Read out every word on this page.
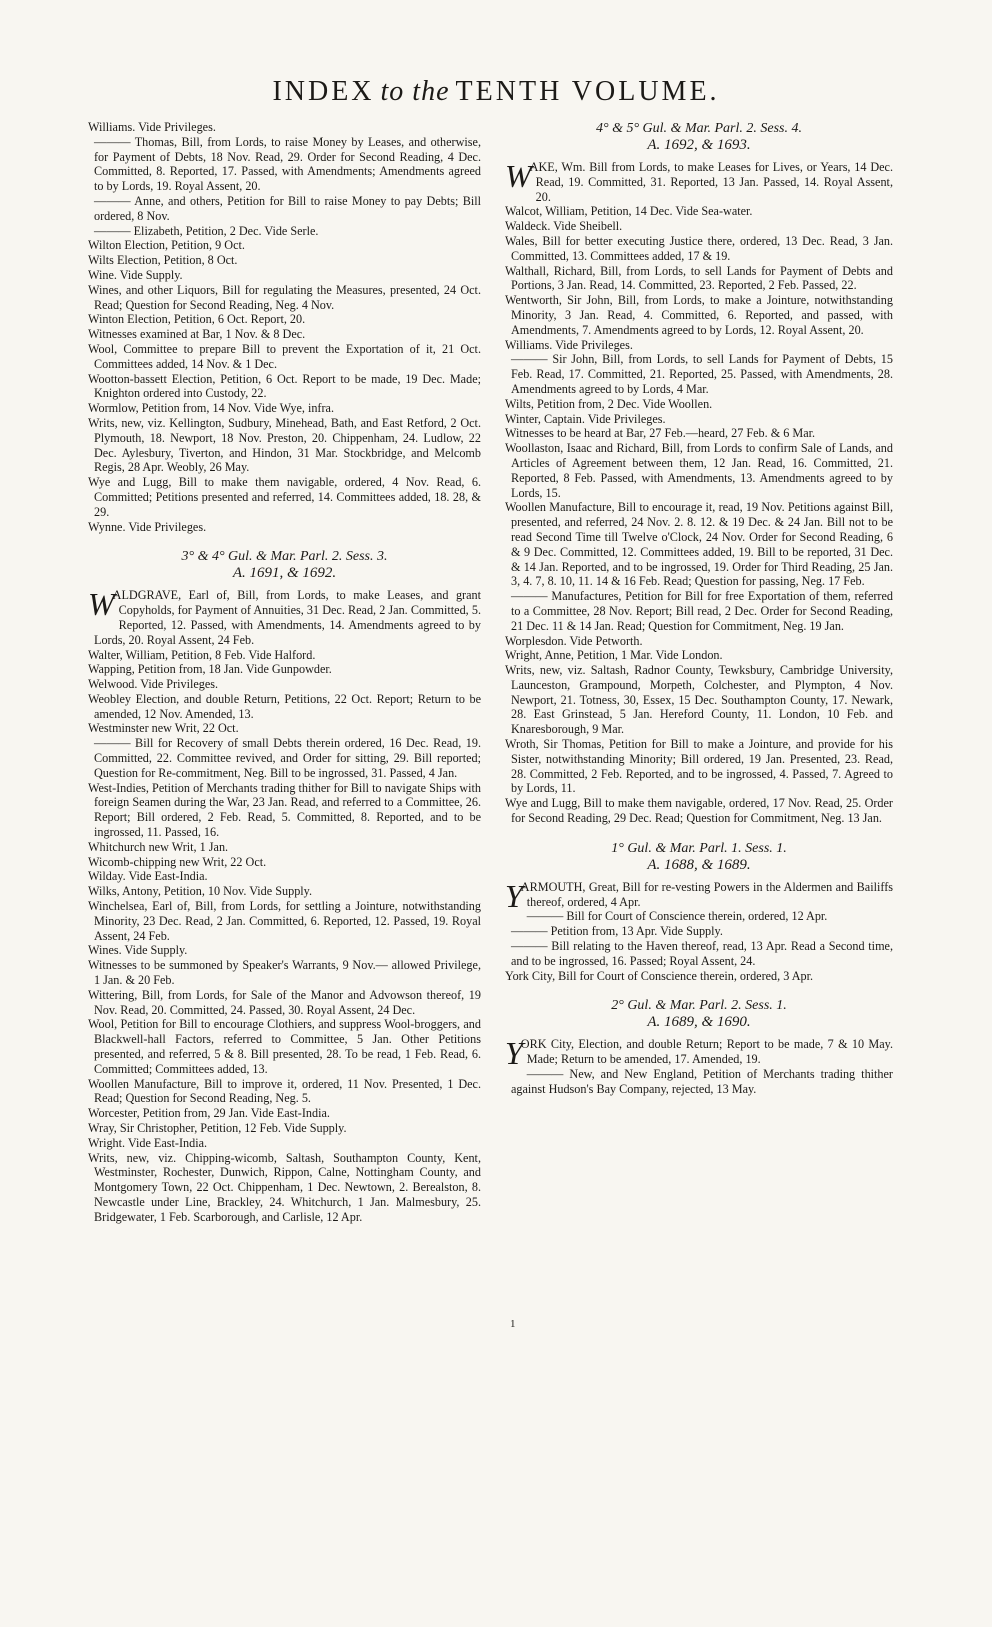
INDEX to the TENTH VOLUME.

Williams. Vide Privileges.

——— Thomas, Bill, from Lords, to raise Money by Leases, and otherwise, for Payment of Debts, 18 Nov. Read, 29. Order for Second Reading, 4 Dec. Committed, 8. Reported, 17. Passed, with Amendments; Amendments agreed to by Lords, 19. Royal Assent, 20.

——— Anne, and others, Petition for Bill to raise Money to pay Debts; Bill ordered, 8 Nov.

——— Elizabeth, Petition, 2 Dec. Vide Serle.

Wilton Election, Petition, 9 Oct.

Wilts Election, Petition, 8 Oct.

Wine. Vide Supply.

Wines, and other Liquors, Bill for regulating the Measures, presented, 24 Oct. Read; Question for Second Reading, Neg. 4 Nov.

Winton Election, Petition, 6 Oct. Report, 20.

Witnesses examined at Bar, 1 Nov. & 8 Dec.

Wool, Committee to prepare Bill to prevent the Exportation of it, 21 Oct. Committees added, 14 Nov. & 1 Dec.

Wootton-bassett Election, Petition, 6 Oct. Report to be made, 19 Dec. Made; Knighton ordered into Custody, 22.

Wormlow, Petition from, 14 Nov. Vide Wye, infra.

Writs, new, viz. Kellington, Sudbury, Minehead, Bath, and East Retford, 2 Oct. Plymouth, 18. Newport, 18 Nov. Preston, 20. Chippenham, 24. Ludlow, 22 Dec. Aylesbury, Tiverton, and Hindon, 31 Mar. Stockbridge, and Melcomb Regis, 28 Apr. Weobly, 26 May.

Wye and Lugg, Bill to make them navigable, ordered, 4 Nov. Read, 6. Committed; Petitions presented and referred, 14. Committees added, 18. 28, & 29.

Wynne. Vide Privileges.

3° & 4° Gul. & Mar. Parl. 2. Sess. 3.
A. 1691, & 1692.

W
ALDGRAVE, Earl of, Bill, from Lords, to make Leases, and grant Copyholds, for Payment of Annuities, 31 Dec. Read, 2 Jan. Committed, 5. Reported, 12. Passed, with Amendments, 14. Amendments agreed to by Lords, 20. Royal Assent, 24 Feb.

Walter, William, Petition, 8 Feb. Vide Halford.

Wapping, Petition from, 18 Jan. Vide Gunpowder.

Welwood. Vide Privileges.

Weobley Election, and double Return, Petitions, 22 Oct. Report; Return to be amended, 12 Nov. Amended, 13.

Westminster new Writ, 22 Oct.

——— Bill for Recovery of small Debts therein ordered, 16 Dec. Read, 19. Committed, 22. Committee revived, and Order for sitting, 29. Bill reported; Question for Re-commitment, Neg. Bill to be ingrossed, 31. Passed, 4 Jan.

West-Indies, Petition of Merchants trading thither for Bill to navigate Ships with foreign Seamen during the War, 23 Jan. Read, and referred to a Committee, 26. Report; Bill ordered, 2 Feb. Read, 5. Committed, 8. Reported, and to be ingrossed, 11. Passed, 16.

Whitchurch new Writ, 1 Jan.

Wicomb-chipping new Writ, 22 Oct.

Wilday. Vide East-India.

Wilks, Antony, Petition, 10 Nov. Vide Supply.

Winchelsea, Earl of, Bill, from Lords, for settling a Jointure, notwithstanding Minority, 23 Dec. Read, 2 Jan. Committed, 6. Reported, 12. Passed, 19. Royal Assent, 24 Feb.

Wines. Vide Supply.

Witnesses to be summoned by Speaker's Warrants, 9 Nov.— allowed Privilege, 1 Jan. & 20 Feb.

Wittering, Bill, from Lords, for Sale of the Manor and Advowson thereof, 19 Nov. Read, 20. Committed, 24. Passed, 30. Royal Assent, 24 Dec.

Wool, Petition for Bill to encourage Clothiers, and suppress Wool-broggers, and Blackwell-hall Factors, referred to Committee, 5 Jan. Other Petitions presented, and referred, 5 & 8. Bill presented, 28. To be read, 1 Feb. Read, 6. Committed; Committees added, 13.

Woollen Manufacture, Bill to improve it, ordered, 11 Nov. Presented, 1 Dec. Read; Question for Second Reading, Neg. 5.

Worcester, Petition from, 29 Jan. Vide East-India.

Wray, Sir Christopher, Petition, 12 Feb. Vide Supply.

Wright. Vide East-India.

Writs, new, viz. Chipping-wicomb, Saltash, Southampton County, Kent, Westminster, Rochester, Dunwich, Rippon, Calne, Nottingham County, and Montgomery Town, 22 Oct. Chippenham, 1 Dec. Newtown, 2. Berealston, 8. Newcastle under Line, Brackley, 24. Whitchurch, 1 Jan. Malmesbury, 25. Bridgewater, 1 Feb. Scarborough, and Carlisle, 12 Apr.

4° & 5° Gul. & Mar. Parl. 2. Sess. 4.
A. 1692, & 1693.

W
AKE, Wm. Bill from Lords, to make Leases for Lives, or Years, 14 Dec. Read, 19. Committed, 31. Reported, 13 Jan. Passed, 14. Royal Assent, 20.

Walcot, William, Petition, 14 Dec. Vide Sea-water.

Waldeck. Vide Sheibell.

Wales, Bill for better executing Justice there, ordered, 13 Dec. Read, 3 Jan. Committed, 13. Committees added, 17 & 19.

Walthall, Richard, Bill, from Lords, to sell Lands for Payment of Debts and Portions, 3 Jan. Read, 14. Committed, 23. Reported, 2 Feb. Passed, 22.

Wentworth, Sir John, Bill, from Lords, to make a Jointure, notwithstanding Minority, 3 Jan. Read, 4. Committed, 6. Reported, and passed, with Amendments, 7. Amendments agreed to by Lords, 12. Royal Assent, 20.

Williams. Vide Privileges.

——— Sir John, Bill, from Lords, to sell Lands for Payment of Debts, 15 Feb. Read, 17. Committed, 21. Reported, 25. Passed, with Amendments, 28. Amendments agreed to by Lords, 4 Mar.

Wilts, Petition from, 2 Dec. Vide Woollen.

Winter, Captain. Vide Privileges.

Witnesses to be heard at Bar, 27 Feb.—heard, 27 Feb. & 6 Mar.

Woollaston, Isaac and Richard, Bill, from Lords to confirm Sale of Lands, and Articles of Agreement between them, 12 Jan. Read, 16. Committed, 21. Reported, 8 Feb. Passed, with Amendments, 13. Amendments agreed to by Lords, 15.

Woollen Manufacture, Bill to encourage it, read, 19 Nov. Petitions against Bill, presented, and referred, 24 Nov. 2. 8. 12. & 19 Dec. & 24 Jan. Bill not to be read Second Time till Twelve o'Clock, 24 Nov. Order for Second Reading, 6 & 9 Dec. Committed, 12. Committees added, 19. Bill to be reported, 31 Dec. & 14 Jan. Reported, and to be ingrossed, 19. Order for Third Reading, 25 Jan. 3, 4. 7, 8. 10, 11. 14 & 16 Feb. Read; Question for passing, Neg. 17 Feb.

——— Manufactures, Petition for Bill for free Exportation of them, referred to a Committee, 28 Nov. Report; Bill read, 2 Dec. Order for Second Reading, 21 Dec. 11 & 14 Jan. Read; Question for Commitment, Neg. 19 Jan.

Worplesdon. Vide Petworth.

Wright, Anne, Petition, 1 Mar. Vide London.

Writs, new, viz. Saltash, Radnor County, Tewksbury, Cambridge University, Launceston, Grampound, Morpeth, Colchester, and Plympton, 4 Nov. Newport, 21. Totness, 30, Essex, 15 Dec. Southampton County, 17. Newark, 28. East Grinstead, 5 Jan. Hereford County, 11. London, 10 Feb. and Knaresborough, 9 Mar.

Wroth, Sir Thomas, Petition for Bill to make a Jointure, and provide for his Sister, notwithstanding Minority; Bill ordered, 19 Jan. Presented, 23. Read, 28. Committed, 2 Feb. Reported, and to be ingrossed, 4. Passed, 7. Agreed to by Lords, 11.

Wye and Lugg, Bill to make them navigable, ordered, 17 Nov. Read, 25. Order for Second Reading, 29 Dec. Read; Question for Commitment, Neg. 13 Jan.

1° Gul. & Mar. Parl. 1. Sess. 1.
A. 1688, & 1689.

Y
ARMOUTH, Great, Bill for re-vesting Powers in the Aldermen and Bailiffs thereof, ordered, 4 Apr.

——— Bill for Court of Conscience therein, ordered, 12 Apr.

——— Petition from, 13 Apr. Vide Supply.

——— Bill relating to the Haven thereof, read, 13 Apr. Read a Second time, and to be ingrossed, 16. Passed; Royal Assent, 24.

York City, Bill for Court of Conscience therein, ordered, 3 Apr.

2° Gul. & Mar. Parl. 2. Sess. 1.
A. 1689, & 1690.

Y
ORK City, Election, and double Return; Report to be made, 7 & 10 May. Made; Return to be amended, 17. Amended, 19.

——— New, and New England, Petition of Merchants trading thither against Hudson's Bay Company, rejected, 13 May.

1
